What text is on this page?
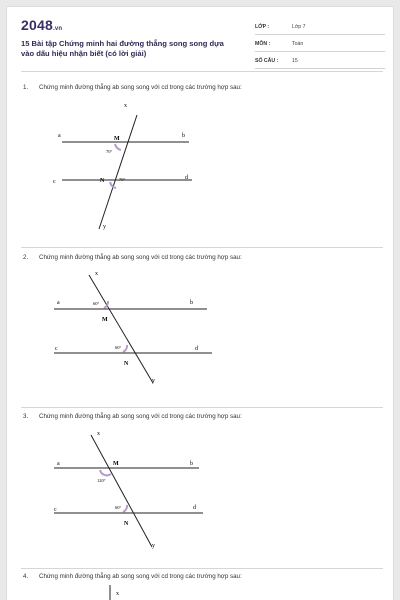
2048.vn
15 Bài tập Chứng minh hai đường thẳng song song dựa vào dấu hiệu nhận biết (có lời giải)
LỚP :	Lớp 7
MÔN :	Toán
SỐ CÂU :	15
1. Chứng minh đường thẳng ab song song với cd trong các trường hợp sau:
x
y
a	b
c
d
M
N
70°
70°
2. Chứng minh đường thẳng ab song song với cd trong các trường hợp sau:
x
y
a	b
c	d
M
N
60°
60°
3. Chứng minh đường thẳng ab song song với cd trong các trường hợp sau:
x
y
a	b
c	d
M
N
120°
60°
4. Chứng minh đường thẳng ab song song với cd trong các trường hợp sau:
x
